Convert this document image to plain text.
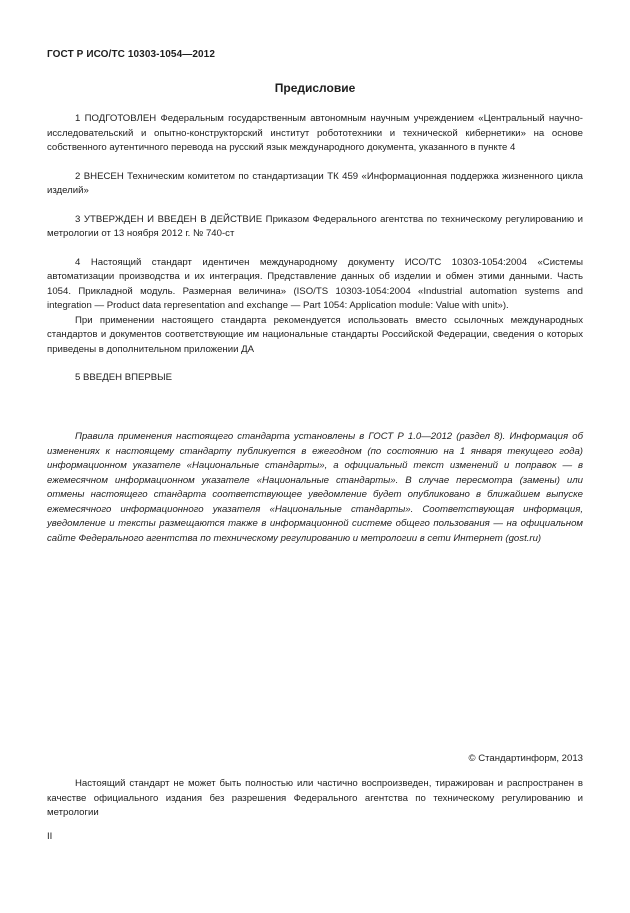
ГОСТ Р ИСО/ТС 10303-1054—2012
Предисловие

1 ПОДГОТОВЛЕН Федеральным государственным автономным научным учреждением «Центральный научно-исследовательский и опытно-конструкторский институт робототехники и технической кибернетики» на основе собственного аутентичного перевода на русский язык международного документа, указанного в пункте 4

2 ВНЕСЕН Техническим комитетом по стандартизации ТК 459 «Информационная поддержка жизненного цикла изделий»

3 УТВЕРЖДЕН И ВВЕДЕН В ДЕЙСТВИЕ Приказом Федерального агентства по техническому регулированию и метрологии от 13 ноября 2012 г. № 740-ст

4 Настоящий стандарт идентичен международному документу ИСО/ТС 10303-1054:2004 «Системы автоматизации производства и их интеграция. Представление данных об изделии и обмен этими данными. Часть 1054. Прикладной модуль. Размерная величина» (ISO/TS 10303-1054:2004 «Industrial automation systems and integration — Product data representation and exchange — Part 1054: Application module: Value with unit»).

При применении настоящего стандарта рекомендуется использовать вместо ссылочных международных стандартов и документов соответствующие им национальные стандарты Российской Федерации, сведения о которых приведены в дополнительном приложении ДА

5 ВВЕДЕН ВПЕРВЫЕ

Правила применения настоящего стандарта установлены в ГОСТ Р 1.0—2012 (раздел 8). Информация об изменениях к настоящему стандарту публикуется в ежегодном (по состоянию на 1 января текущего года) информационном указателе «Национальные стандарты», а официальный текст изменений и поправок — в ежемесячном информационном указателе «Национальные стандарты». В случае пересмотра (замены) или отмены настоящего стандарта соответствующее уведомление будет опубликовано в ближайшем выпуске ежемесячного информационного указателя «Национальные стандарты». Соответствующая информация, уведомление и тексты размещаются также в информационной системе общего пользования — на официальном сайте Федерального агентства по техническому регулированию и метрологии в сети Интернет (gost.ru)

© Стандартинформ, 2013

Настоящий стандарт не может быть полностью или частично воспроизведен, тиражирован и распространен в качестве официального издания без разрешения Федерального агентства по техническому регулированию и метрологии

II
